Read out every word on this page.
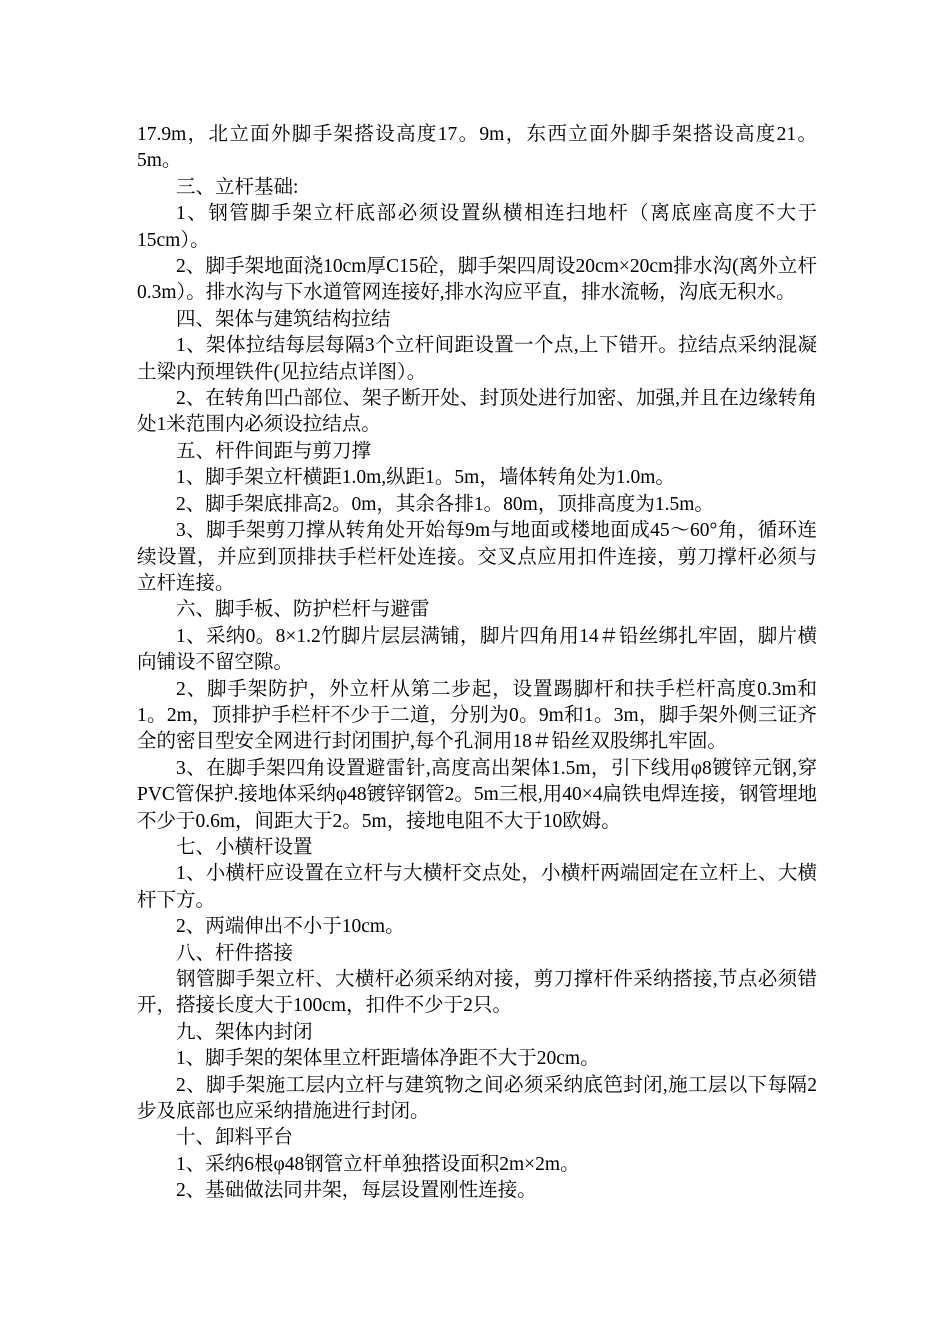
17.9m，北立面外脚手架搭设高度17。9m，东西立面外脚手架搭设高度21。5m。

三、立杆基础:

1、钢管脚手架立杆底部必须设置纵横相连扫地杆（离底座高度不大于15cm）。

2、脚手架地面浇10cm厚C15砼，脚手架四周设20cm×20cm排水沟(离外立杆0.3m）。排水沟与下水道管网连接好,排水沟应平直，排水流畅，沟底无积水。

四、架体与建筑结构拉结

1、架体拉结每层每隔3个立杆间距设置一个点,上下错开。拉结点采纳混凝土梁内预埋铁件(见拉结点详图）。

2、在转角凹凸部位、架子断开处、封顶处进行加密、加强,并且在边缘转角处1米范围内必须设拉结点。

五、杆件间距与剪刀撑

1、脚手架立杆横距1.0m,纵距1。5m，墙体转角处为1.0m。

2、脚手架底排高2。0m，其余各排1。80m，顶排高度为1.5m。

3、脚手架剪刀撑从转角处开始每9m与地面或楼地面成45～60°角，循环连续设置，并应到顶排扶手栏杆处连接。交叉点应用扣件连接，剪刀撑杆必须与立杆连接。

六、脚手板、防护栏杆与避雷

1、采纳0。8×1.2竹脚片层层满铺，脚片四角用14＃铅丝绑扎牢固，脚片横向铺设不留空隙。

2、脚手架防护，外立杆从第二步起，设置踢脚杆和扶手栏杆高度0.3m和1。2m，顶排护手栏杆不少于二道，分别为0。9m和1。3m，脚手架外侧三证齐全的密目型安全网进行封闭围护,每个孔洞用18＃铅丝双股绑扎牢固。

3、在脚手架四角设置避雷针,高度高出架体1.5m，引下线用φ8镀锌元钢,穿PVC管保护.接地体采纳φ48镀锌钢管2。5m三根,用40×4扁铁电焊连接，钢管埋地不少于0.6m，间距大于2。5m，接地电阻不大于10欧姆。

七、小横杆设置

1、小横杆应设置在立杆与大横杆交点处，小横杆两端固定在立杆上、大横杆下方。

2、两端伸出不小于10cm。

八、杆件搭接

钢管脚手架立杆、大横杆必须采纳对接，剪刀撑杆件采纳搭接,节点必须错开，搭接长度大于100cm，扣件不少于2只。

九、架体内封闭

1、脚手架的架体里立杆距墙体净距不大于20cm。

2、脚手架施工层内立杆与建筑物之间必须采纳底笆封闭,施工层以下每隔2步及底部也应采纳措施进行封闭。

十、卸料平台

1、采纳6根φ48钢管立杆单独搭设面积2m×2m。

2、基础做法同井架，每层设置刚性连接。
